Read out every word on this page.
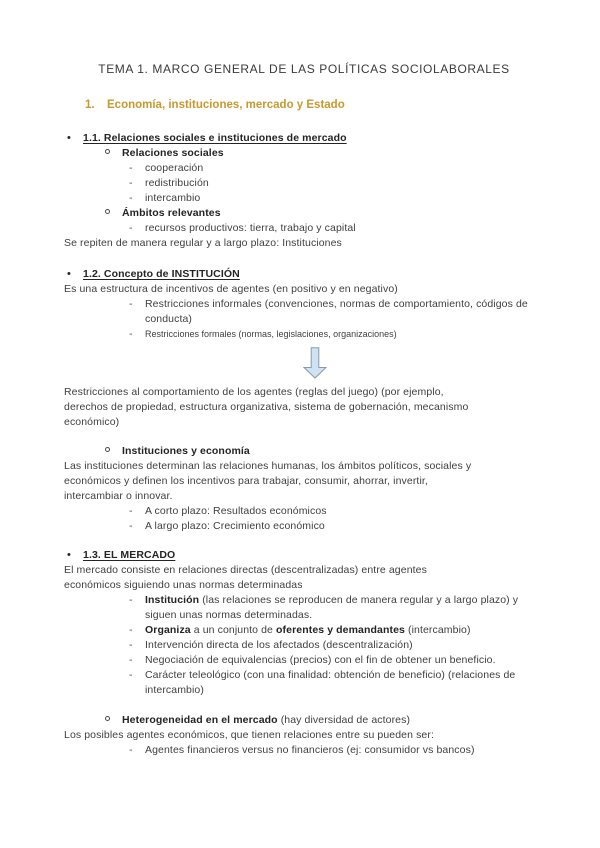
TEMA 1. MARCO GENERAL DE LAS POLÍTICAS SOCIOLABORALES
1.	Economía, instituciones, mercado y Estado
•
1.1. Relaciones sociales e instituciones de mercado
Relaciones sociales
-
cooperación
-
redistribución
-
intercambio
Ámbitos relevantes
-
recursos productivos: tierra, trabajo y capital
Se repiten de manera regular y a largo plazo: Instituciones
•
1.2. Concepto de INSTITUCIÓN
Es una estructura de incentivos de agentes (en positivo y en negativo)
-
Restricciones informales (convenciones, normas de comportamiento, códigos de conducta)
-
Restricciones formales (normas, legislaciones, organizaciones)
Restricciones al comportamiento de los agentes (reglas del juego) (por ejemplo, derechos de propiedad, estructura organizativa, sistema de gobernación, mecanismo económico)
Instituciones y economía
Las instituciones determinan las relaciones humanas, los ámbitos políticos, sociales y económicos y definen los incentivos para trabajar, consumir, ahorrar, invertir, intercambiar o innovar.
-
A corto plazo: Resultados económicos
-
A largo plazo: Crecimiento económico
•
1.3. EL MERCADO
El mercado consiste en relaciones directas (descentralizadas) entre agentes económicos siguiendo unas normas determinadas
-
Institución (las relaciones se reproducen de manera regular y a largo plazo) y siguen unas normas determinadas.
-
Organiza a un conjunto de oferentes y demandantes (intercambio)
-
Intervención directa de los afectados (descentralización)
-
Negociación de equivalencias (precios) con el fin de obtener un beneficio.
-
Carácter teleológico (con una finalidad: obtención de beneficio) (relaciones de intercambio)
Heterogeneidad en el mercado (hay diversidad de actores)
Los posibles agentes económicos, que tienen relaciones entre su pueden ser:
-
Agentes financieros versus no financieros (ej: consumidor vs bancos)
